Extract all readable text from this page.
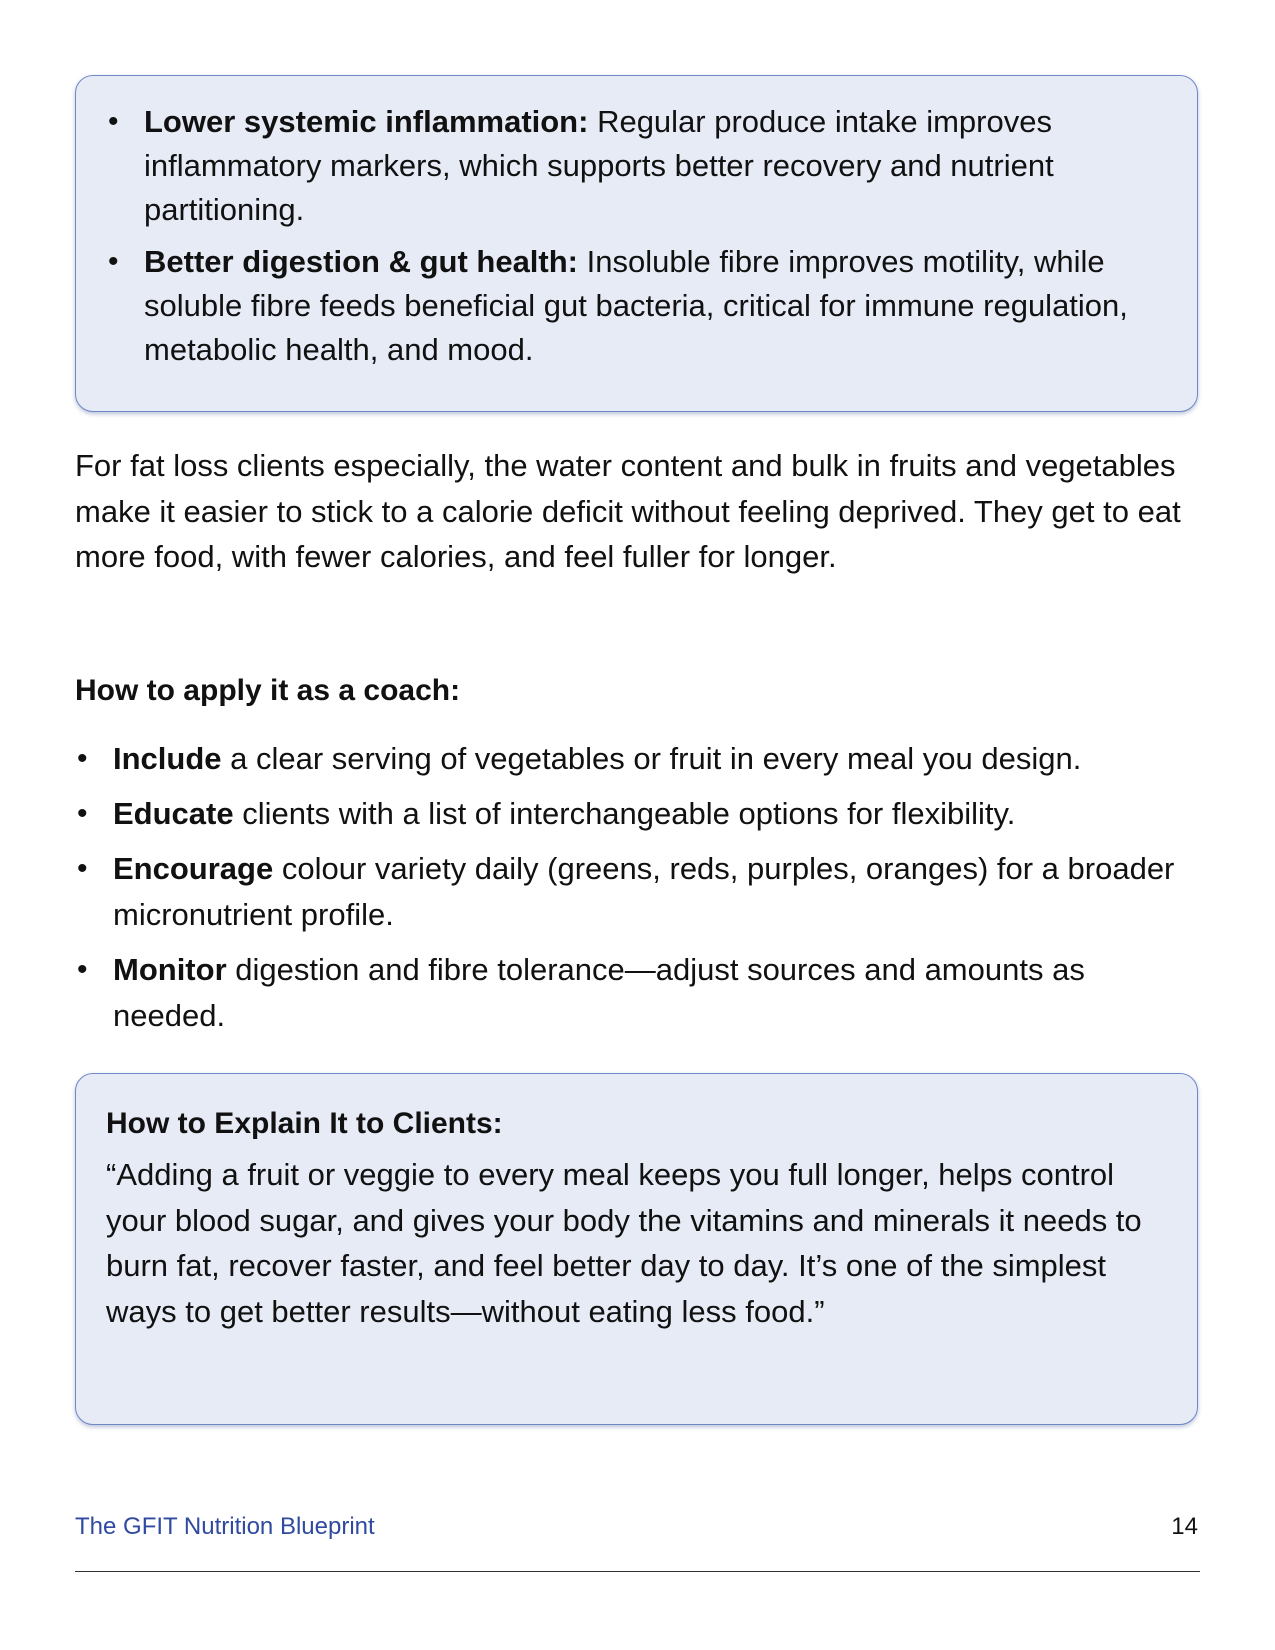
• Lower systemic inflammation: Regular produce intake improves inflammatory markers, which supports better recovery and nutrient partitioning.
• Better digestion & gut health: Insoluble fibre improves motility, while soluble fibre feeds beneficial gut bacteria, critical for immune regulation, metabolic health, and mood.

For fat loss clients especially, the water content and bulk in fruits and vegetables make it easier to stick to a calorie deficit without feeling deprived. They get to eat more food, with fewer calories, and feel fuller for longer.

How to apply it as a coach:
• Include a clear serving of vegetables or fruit in every meal you design.
• Educate clients with a list of interchangeable options for flexibility.
• Encourage colour variety daily (greens, reds, purples, oranges) for a broader micronutrient profile.
• Monitor digestion and fibre tolerance—adjust sources and amounts as needed.
How to Explain It to Clients:

“Adding a fruit or veggie to every meal keeps you full longer, helps control your blood sugar, and gives your body the vitamins and minerals it needs to burn fat, recover faster, and feel better day to day. It’s one of the simplest ways to get better results—without eating less food.”

The GFIT Nutrition Blueprint	14
